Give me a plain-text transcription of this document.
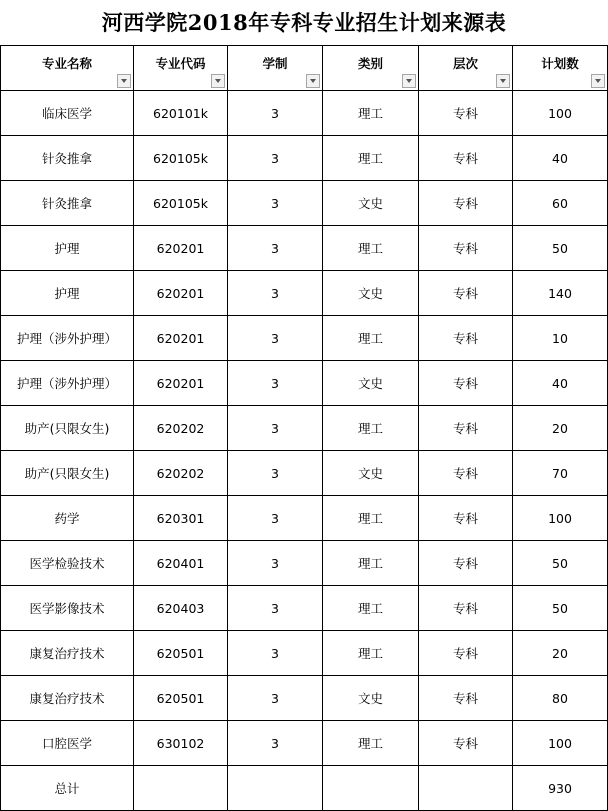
河西学院2018年专科专业招生计划来源表
专业名称	专业代码	学制	类别	层次	计划数

临床医学	620101k	3	理工	专科	100
针灸推拿	620105k	3	理工	专科	40
针灸推拿	620105k	3	文史	专科	60
护理	620201	3	理工	专科	50
护理	620201	3	文史	专科	140
护理（涉外护理）	620201	3	理工	专科	10
护理（涉外护理）	620201	3	文史	专科	40
助产(只限女生)	620202	3	理工	专科	20
助产(只限女生)	620202	3	文史	专科	70
药学	620301	3	理工	专科	100
医学检验技术	620401	3	理工	专科	50
医学影像技术	620403	3	理工	专科	50
康复治疗技术	620501	3	理工	专科	20
康复治疗技术	620501	3	文史	专科	80
口腔医学	630102	3	理工	专科	100
总计					930
